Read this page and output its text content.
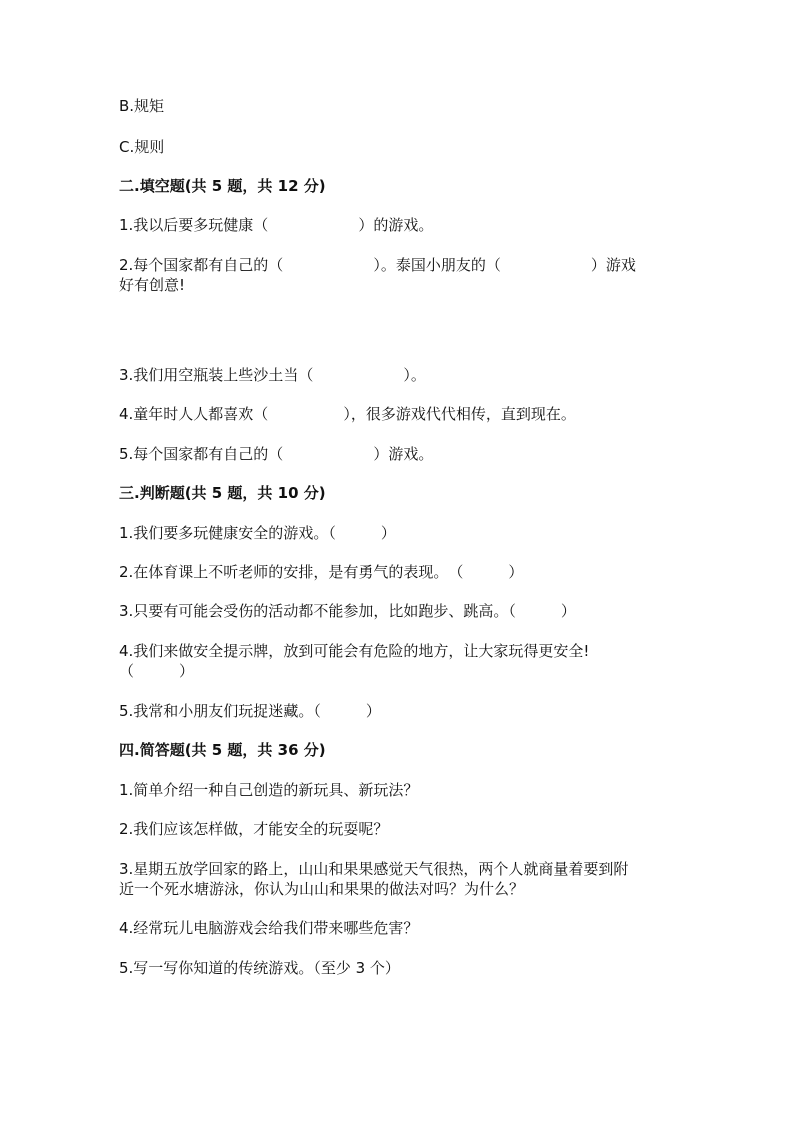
B.规矩
C.规则
二.填空题(共 5 题，共 12 分)
1.我以后要多玩健康（　　　　　　）的游戏。
2.每个国家都有自己的（　　　　　　）。泰国小朋友的（　　　　　　）游戏
好有创意!
3.我们用空瓶装上些沙土当（　　　　　　）。
4.童年时人人都喜欢（　　　　　），很多游戏代代相传，直到现在。
5.每个国家都有自己的（　　　　　　）游戏。
三.判断题(共 5 题，共 10 分)
1.我们要多玩健康安全的游戏。（　　　）
2.在体育课上不听老师的安排，是有勇气的表现。　（　　　）
3.只要有可能会受伤的活动都不能参加，比如跑步、跳高。（　　　）
4.我们来做安全提示牌，放到可能会有危险的地方，让大家玩得更安全!
（　　　）
5.我常和小朋友们玩捉迷藏。（　　　）
四.简答题(共 5 题，共 36 分)
1.简单介绍一种自己创造的新玩具、新玩法？
2.我们应该怎样做，才能安全的玩耍呢？
3.星期五放学回家的路上，山山和果果感觉天气很热，两个人就商量着要到附
近一个死水塘游泳，你认为山山和果果的做法对吗？为什么？
4.经常玩儿电脑游戏会给我们带来哪些危害？
5.写一写你知道的传统游戏。（至少 3 个）
